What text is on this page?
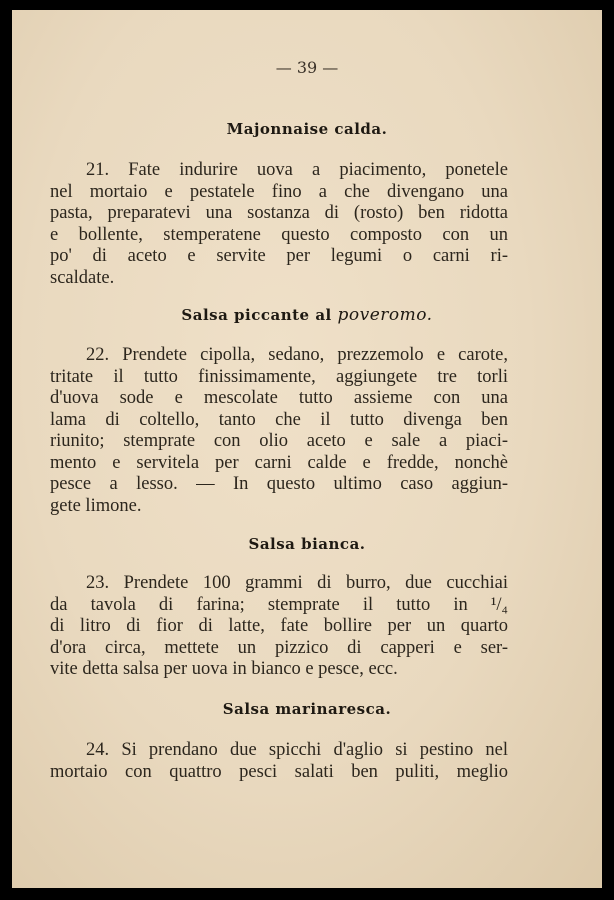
— 39 —
Majonnaise calda.
21. Fate indurire uova a piacimento, ponetele
nel mortaio e pestatele fino a che divengano una
pasta, preparatevi una sostanza di (rosto) ben ridotta
e bollente, stemperatene questo composto con un
po' di aceto e servite per legumi o carni ri-
scaldate.
Salsa piccante al poveromo.
22. Prendete cipolla, sedano, prezzemolo e carote,
tritate il tutto finissimamente, aggiungete tre torli
d'uova sode e mescolate tutto assieme con una
lama di coltello, tanto che il tutto divenga ben
riunito; stemprate con olio aceto e sale a piaci-
mento e servitela per carni calde e fredde, nonchè
pesce a lesso. — In questo ultimo caso aggiun-
gete limone.
Salsa bianca.
23. Prendete 100 grammi di burro, due cucchiai
da tavola di farina; stemprate il tutto in ¹/₄
di litro di fior di latte, fate bollire per un quarto
d'ora circa, mettete un pizzico di capperi e ser-
vite detta salsa per uova in bianco e pesce, ecc.
Salsa marinaresca.
24. Si prendano due spicchi d'aglio si pestino nel
mortaio con quattro pesci salati ben puliti, meglio
